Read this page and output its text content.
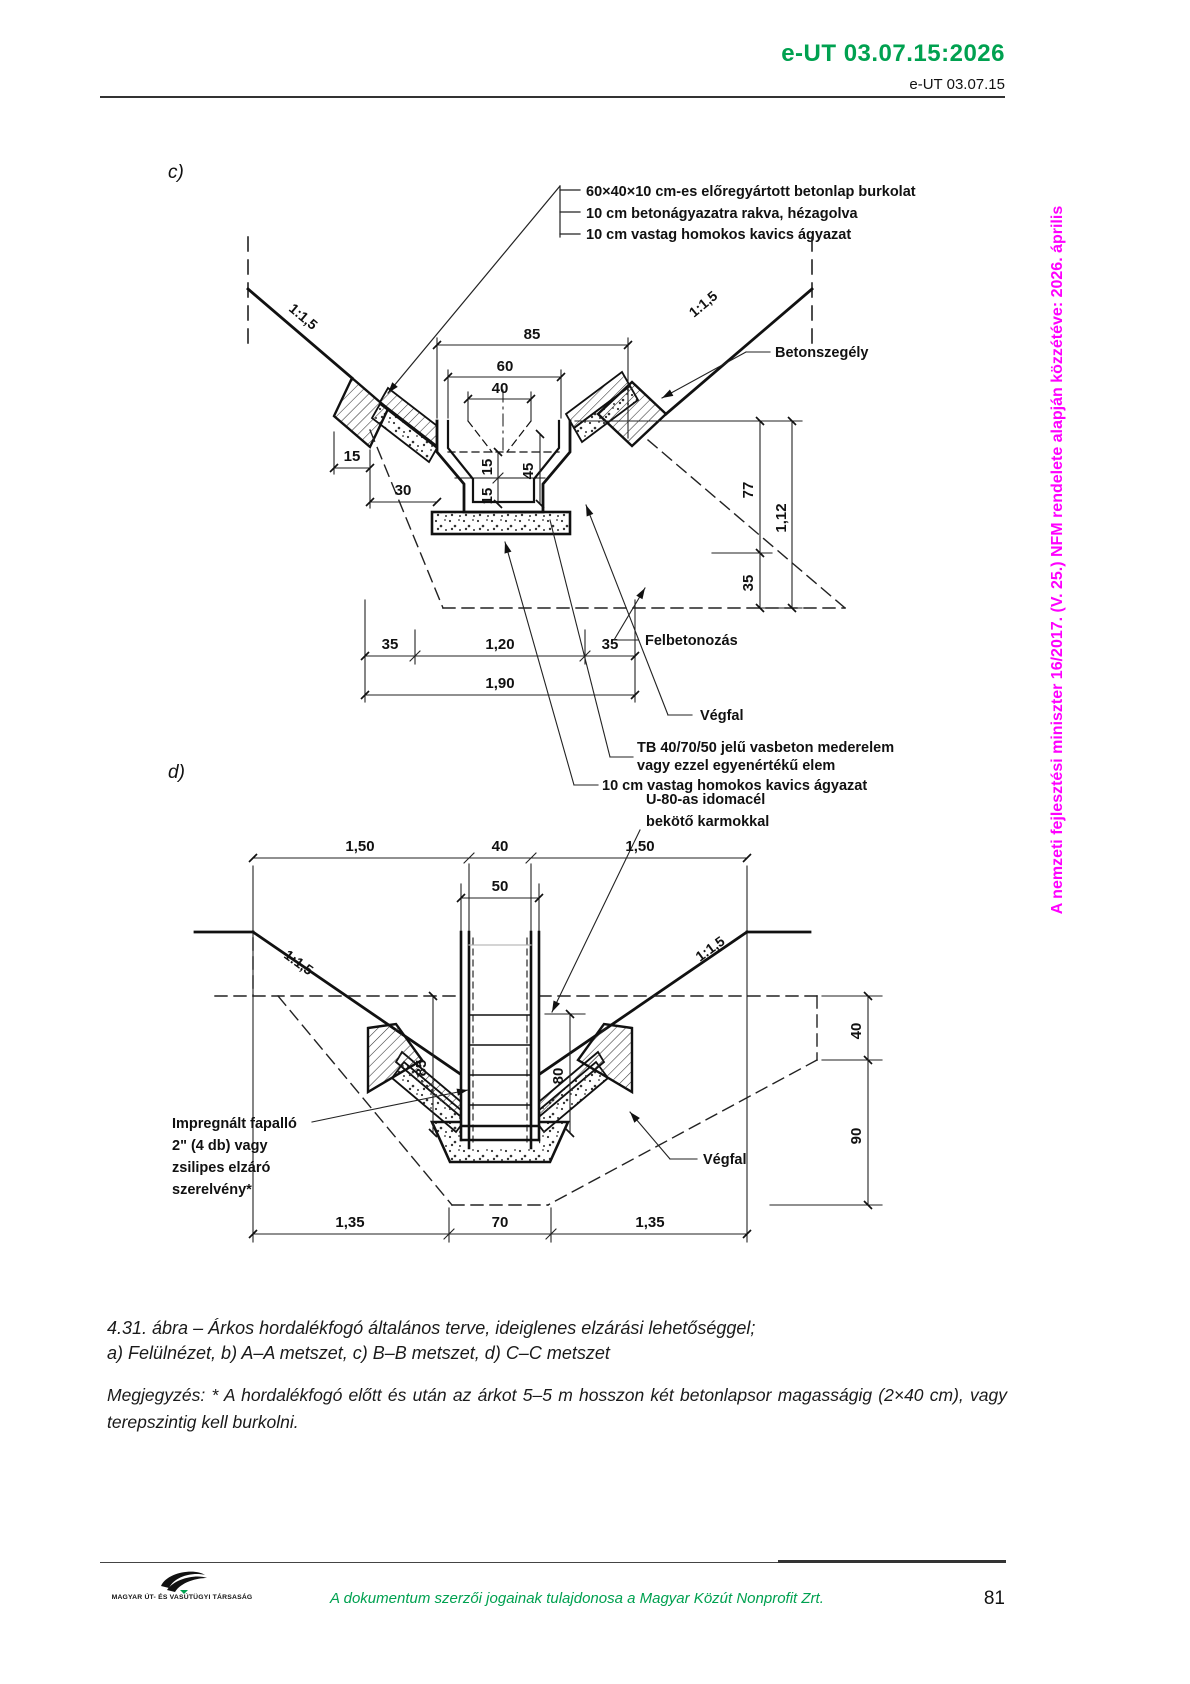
e-UT 03.07.15:2026
e-UT 03.07.15
A nemzeti fejlesztési miniszter 16/2017. (V. 25.) NFM rendelete alapján közzétéve: 2026. április
c)
60×40×10 cm-es előregyártott betonlap burkolat
10 cm betonágyazatra rakva, hézagolva
10 cm vastag homokos kavics ágyazat
1:1,5	1:1,5
85
60
40
15
30
15
15
45
77
35
1,12
35	1,20	35
1,90
Betonszegély
Felbetonozás
Végfal
TB 40/70/50 jelű vasbeton mederelem
vagy ezzel egyenértékű elem
10 cm vastag homokos kavics ágyazat
d)
U-80-as idomacél
bekötő karmokkal
1,50	40	1,50
50
1:1,5	1:1,5
85	80
40
90
1,35	70	1,35
Impregnált fapalló
2" (4 db) vagy
zsilipes elzáró
szerelvény*
Végfal
4.31. ábra – Árkos hordalékfogó általános terve, ideiglenes elzárási lehetőséggel;
a) Felülnézet, b) A–A metszet, c) B–B metszet, d) C–C metszet
Megjegyzés: * A hordalékfogó előtt és után az árkot 5–5 m hosszon két betonlapsor magasságig (2×40 cm), vagy terepszintig kell burkolni.
MAGYAR ÚT- ÉS VASÚTÜGYI TÁRSASÁG	A dokumentum szerzői jogainak tulajdonosa a Magyar Közút Nonprofit Zrt.	81
